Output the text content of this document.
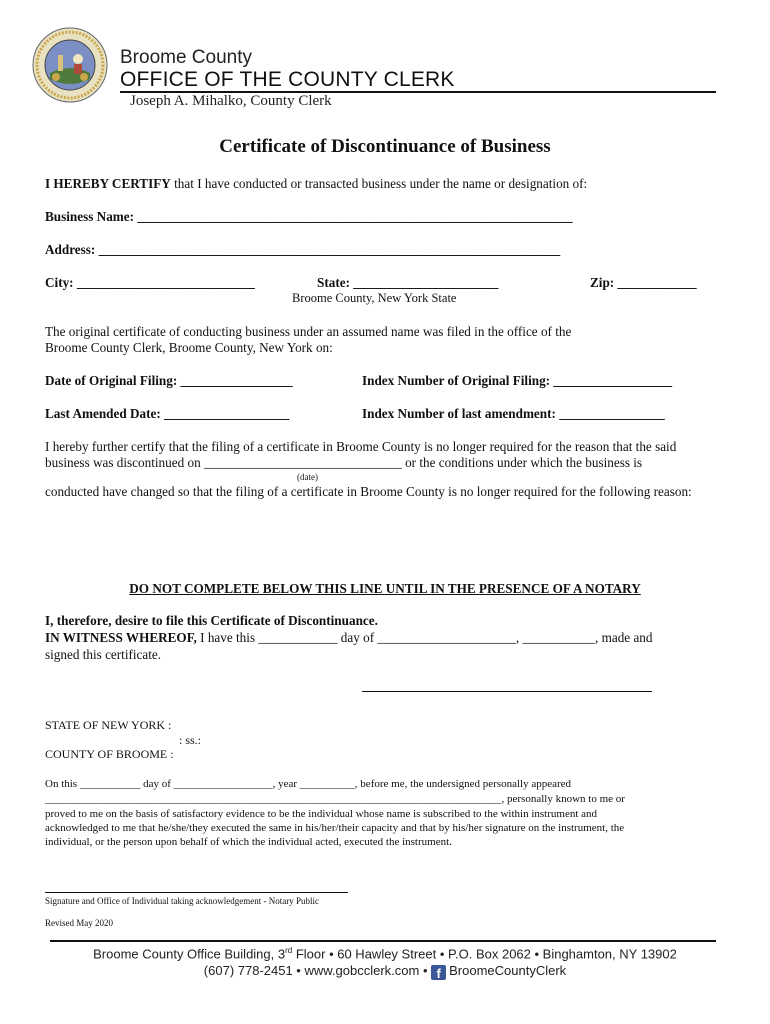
Broome County
OFFICE OF THE COUNTY CLERK
Joseph A. Mihalko, County Clerk
Certificate of Discontinuance of Business
I HEREBY CERTIFY that I have conducted or transacted business under the name or designation of:
Business Name: __________________________________________________________________
Address: ______________________________________________________________________
City: ___________________________	State: ______________________	Zip: ____________
Broome County, New York State
The original certificate of conducting business under an assumed name was filed in the office of the
Broome County Clerk, Broome County, New York on:
Date of Original Filing: _________________	Index Number of Original Filing: __________________
Last Amended Date: ___________________	Index Number of last amendment: ________________
I hereby further certify that the filing of a certificate in Broome County is no longer required for the reason that the said
business was discontinued on ______________________________ or the conditions under which the business is
(date)
conducted have changed so that the filing of a certificate in Broome County is no longer required for the following reason:
DO NOT COMPLETE BELOW THIS LINE UNTIL IN THE PRESENCE OF A NOTARY
I, therefore, desire to file this Certificate of Discontinuance.
IN WITNESS WHEREOF, I have this ____________ day of _____________________, ___________, made and
signed this certificate.
STATE OF NEW YORK :
: ss.:
COUNTY OF BROOME :
On this ___________ day of __________________, year __________, before me, the undersigned personally appeared
___________________________________________________________________________________, personally known to me or
proved to me on the basis of satisfactory evidence to be the individual whose name is subscribed to the within instrument and
acknowledged to me that he/she/they executed the same in his/her/their capacity and that by his/her signature on the instrument, the
individual, or the person upon behalf of which the individual acted, executed the instrument.
Signature and Office of Individual taking acknowledgement - Notary Public
Revised May 2020
Broome County Office Building, 3rd Floor • 60 Hawley Street • P.O. Box 2062 • Binghamton, NY 13902
(607) 778-2451 • www.gobcclerk.com • f BroomeCountyClerk
